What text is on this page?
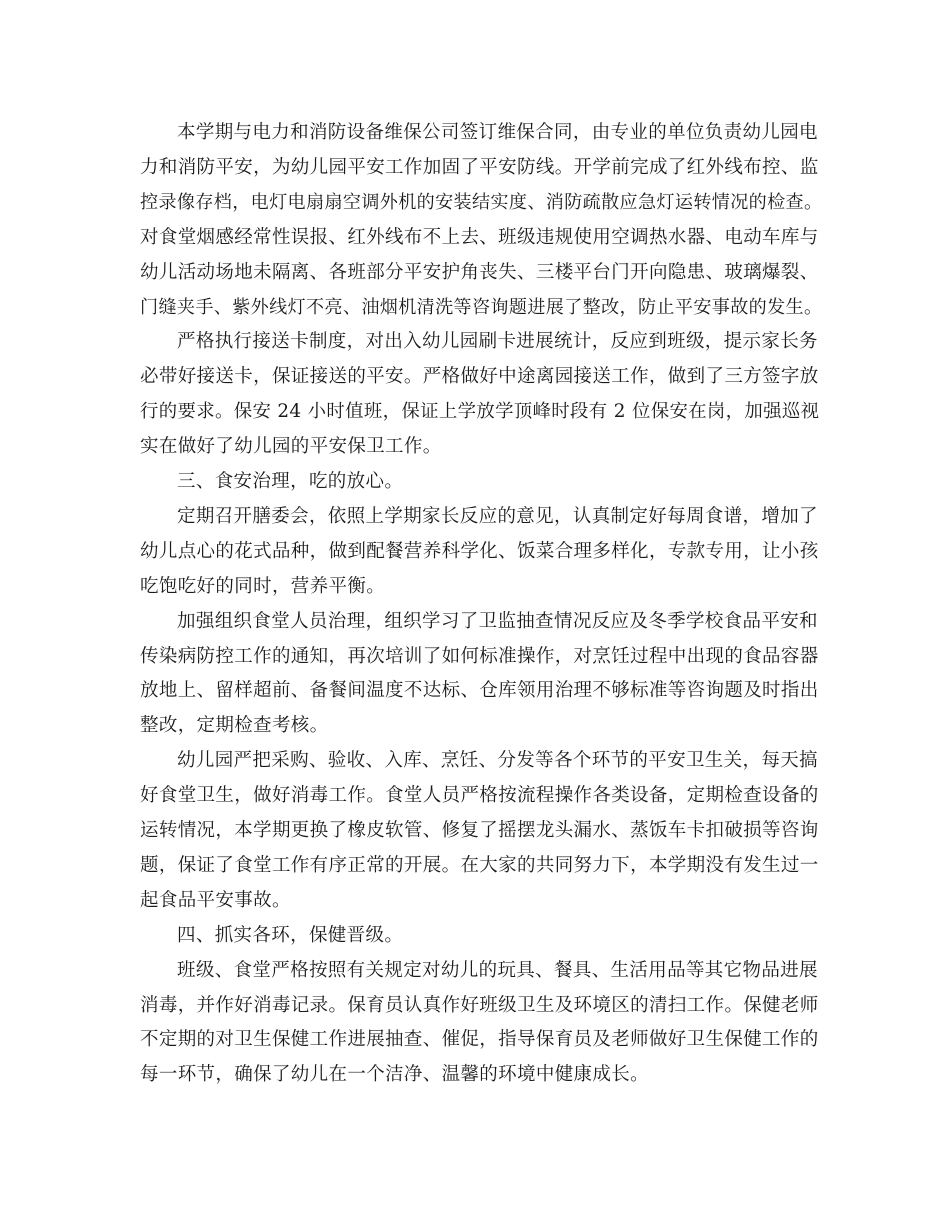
本学期与电力和消防设备维保公司签订维保合同，由专业的单位负责幼儿园电
力和消防平安，为幼儿园平安工作加固了平安防线。开学前完成了红外线布控、监
控录像存档，电灯电扇扇空调外机的安装结实度、消防疏散应急灯运转情况的检查。
对食堂烟感经常性误报、红外线布不上去、班级违规使用空调热水器、电动车库与
幼儿活动场地未隔离、各班部分平安护角丧失、三楼平台门开向隐患、玻璃爆裂、
门缝夹手、紫外线灯不亮、油烟机清洗等咨询题进展了整改，防止平安事故的发生。
严格执行接送卡制度，对出入幼儿园刷卡进展统计，反应到班级，提示家长务
必带好接送卡，保证接送的平安。严格做好中途离园接送工作，做到了三方签字放
行的要求。保安 24 小时值班，保证上学放学顶峰时段有 2 位保安在岗，加强巡视
实在做好了幼儿园的平安保卫工作。
三、食安治理，吃的放心。
定期召开膳委会，依照上学期家长反应的意见，认真制定好每周食谱，增加了
幼儿点心的花式品种，做到配餐营养科学化、饭菜合理多样化，专款专用，让小孩
吃饱吃好的同时，营养平衡。
加强组织食堂人员治理，组织学习了卫监抽查情况反应及冬季学校食品平安和
传染病防控工作的通知，再次培训了如何标准操作，对烹饪过程中出现的食品容器
放地上、留样超前、备餐间温度不达标、仓库领用治理不够标准等咨询题及时指出
整改，定期检查考核。
幼儿园严把采购、验收、入库、烹饪、分发等各个环节的平安卫生关，每天搞
好食堂卫生，做好消毒工作。食堂人员严格按流程操作各类设备，定期检查设备的
运转情况，本学期更换了橡皮软管、修复了摇摆龙头漏水、蒸饭车卡扣破损等咨询
题，保证了食堂工作有序正常的开展。在大家的共同努力下，本学期没有发生过一
起食品平安事故。
四、抓实各环，保健晋级。
班级、食堂严格按照有关规定对幼儿的玩具、餐具、生活用品等其它物品进展
消毒，并作好消毒记录。保育员认真作好班级卫生及环境区的清扫工作。保健老师
不定期的对卫生保健工作进展抽查、催促，指导保育员及老师做好卫生保健工作的
每一环节，确保了幼儿在一个洁净、温馨的环境中健康成长。
